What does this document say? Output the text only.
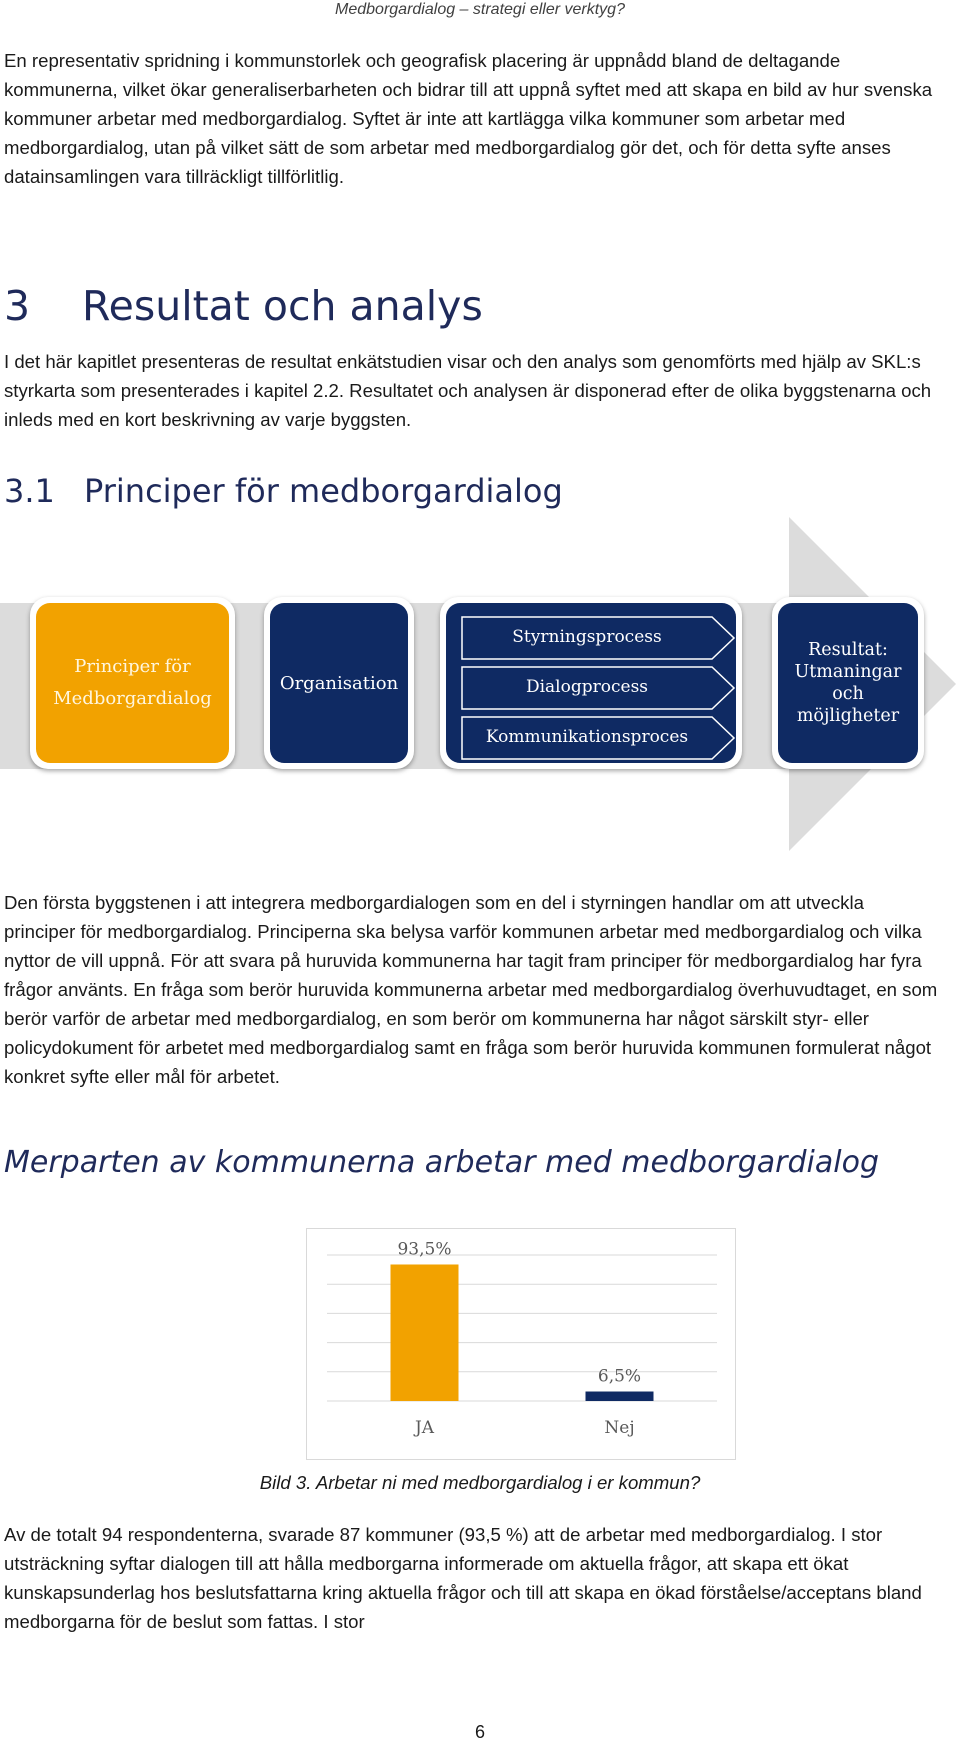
Medborgardialog – strategi eller verktyg?

En representativ spridning i kommunstorlek och geografisk placering är uppnådd bland de deltagande kommunerna, vilket ökar generaliserbarheten och bidrar till att uppnå syftet med att skapa en bild av hur svenska kommuner arbetar med medborgardialog. Syftet är inte att kartlägga vilka kommuner som arbetar med medborgardialog, utan på vilket sätt de som arbetar med medborgardialog gör det, och för detta syfte anses datainsamlingen vara tillräckligt tillförlitlig.

3 Resultat och analys

I det här kapitlet presenteras de resultat enkätstudien visar och den analys som genomförts med hjälp av SKL:s styrkarta som presenterades i kapitel 2.2. Resultatet och analysen är disponerad efter de olika byggstenarna och inleds med en kort beskrivning av varje byggsten.

3.1 Principer för medborgardialog
Principer för
Medborgardialog
Organisation
Styrningsprocess
Dialogprocess
Kommunikationsproces
Resultat:
Utmaningar
och
möjligheter

Den första byggstenen i att integrera medborgardialogen som en del i styrningen handlar om att utveckla principer för medborgardialog. Principerna ska belysa varför kommunen arbetar med medborgardialog och vilka nyttor de vill uppnå. För att svara på huruvida kommunerna har tagit fram principer för medborgardialog har fyra frågor använts. En fråga som berör huruvida kommunerna arbetar med medborgardialog överhuvudtaget, en som berör varför de arbetar med medborgardialog, en som berör om kommunerna har något särskilt styr- eller policydokument för arbetet med medborgardialog samt en fråga som berör huruvida kommunen formulerat något konkret syfte eller mål för arbetet.

Merparten av kommunerna arbetar med medborgardialog
93,5%
JA
6,5%
Nej
Bild 3. Arbetar ni med medborgardialog i er kommun?

Av de totalt 94 respondenterna, svarade 87 kommuner (93,5 %) att de arbetar med medborgardialog. I stor utsträckning syftar dialogen till att hålla medborgarna informerade om aktuella frågor, att skapa ett ökat kunskapsunderlag hos beslutsfattarna kring aktuella frågor och till att skapa en ökad förståelse/acceptans bland medborgarna för de beslut som fattas. I stor

6
